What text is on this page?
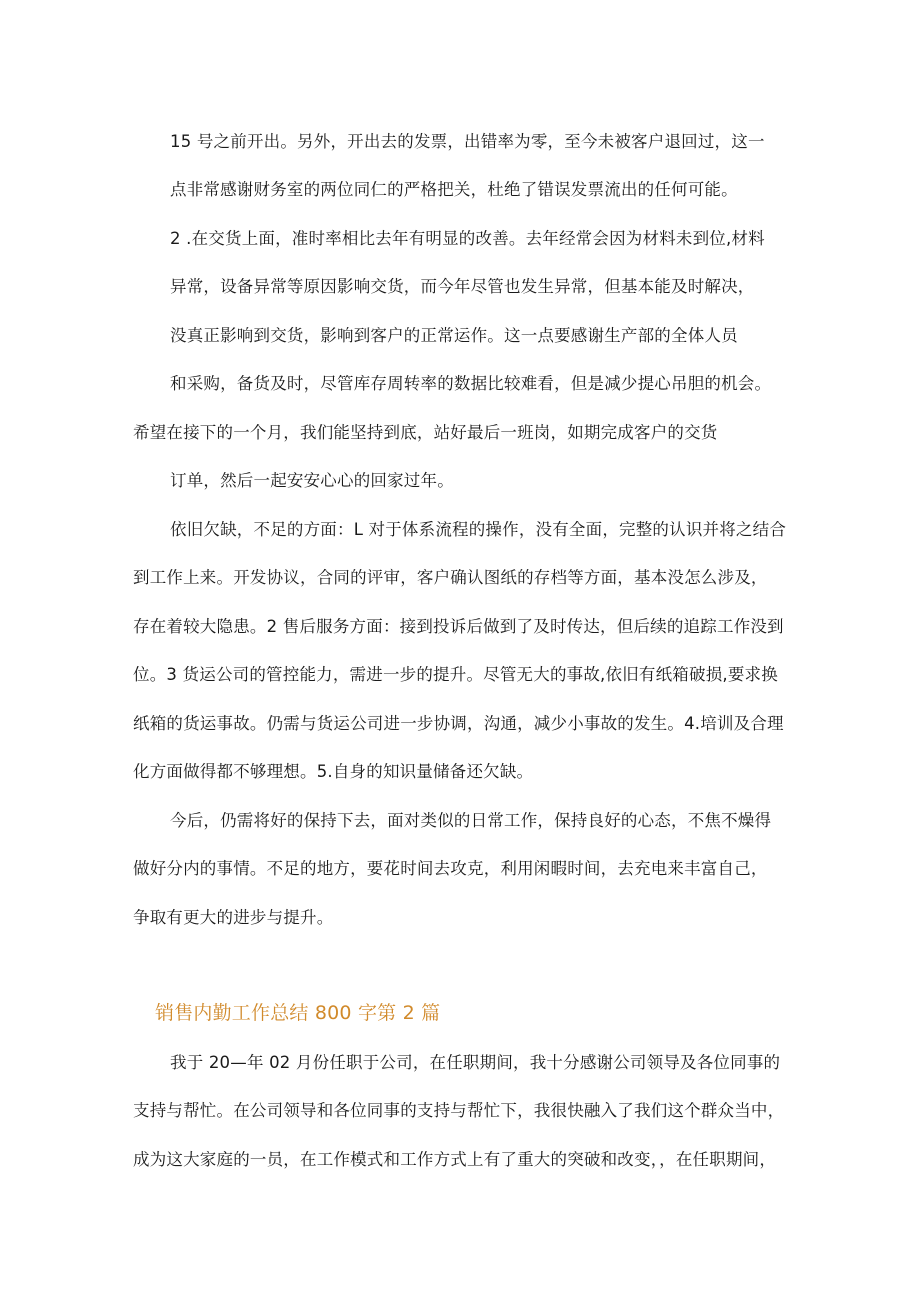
15 号之前开出。另外，开出去的发票，出错率为零，至今未被客户退回过，这一
点非常感谢财务室的两位同仁的严格把关，杜绝了错误发票流出的任何可能。
2 .在交货上面，准时率相比去年有明显的改善。去年经常会因为材料未到位,材料
异常，设备异常等原因影响交货，而今年尽管也发生异常，但基本能及时解决，
没真正影响到交货，影响到客户的正常运作。这一点要感谢生产部的全体人员
和采购，备货及时，尽管库存周转率的数据比较难看，但是减少提心吊胆的机会。
希望在接下的一个月，我们能坚持到底，站好最后一班岗，如期完成客户的交货
订单，然后一起安安心心的回家过年。
依旧欠缺，不足的方面：L 对于体系流程的操作，没有全面，完整的认识并将之结合
到工作上来。开发协议，合同的评审，客户确认图纸的存档等方面，基本没怎么涉及，
存在着较大隐患。2 售后服务方面：接到投诉后做到了及时传达，但后续的追踪工作没到
位。3 货运公司的管控能力，需进一步的提升。尽管无大的事故,依旧有纸箱破损,要求换
纸箱的货运事故。仍需与货运公司进一步协调，沟通，减少小事故的发生。4.培训及合理
化方面做得都不够理想。5.自身的知识量储备还欠缺。
今后，仍需将好的保持下去，面对类似的日常工作，保持良好的心态，不焦不燥得
做好分内的事情。不足的地方，要花时间去攻克，利用闲暇时间，去充电来丰富自己，
争取有更大的进步与提升。
销售内勤工作总结 800 字第 2 篇
我于 20—年 02 月份任职于公司，在任职期间，我十分感谢公司领导及各位同事的
支持与帮忙。在公司领导和各位同事的支持与帮忙下，我很快融入了我们这个群众当中，
成为这大家庭的一员，在工作模式和工作方式上有了重大的突破和改变，，在任职期间，
